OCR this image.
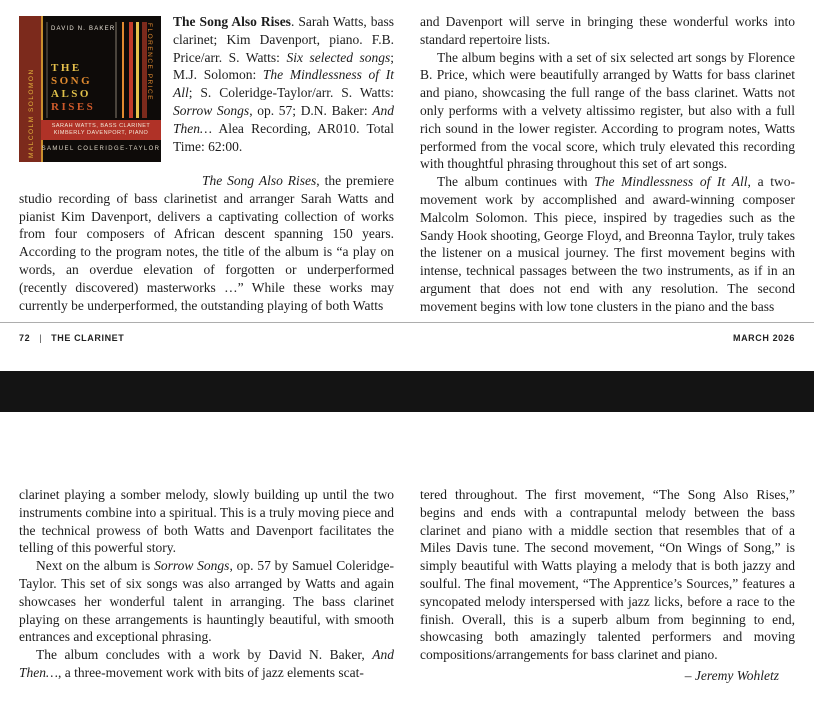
DAVID N. BAKER
MALCOLM SOLOMON
FLORENCE PRICE
THE
SONG
ALSO
RISES
SARAH WATTS, BASS CLARINET
KIMBERLY DAVENPORT, PIANO
SAMUEL COLERIDGE-TAYLOR

The Song Also Rises. Sarah Watts, bass clarinet; Kim Davenport, piano. F.B. Price/arr. S. Watts: Six selected songs; M.J. Solomon: The Mindlessness of It All; S. Coleridge-Taylor/arr. S. Watts: Sorrow Songs, op. 57; D.N. Baker: And Then… Alea Recording, AR010. Total Time: 62:00.

The Song Also Rises, the premiere studio recording of bass clarinetist and arranger Sarah Watts and pianist Kim Davenport, delivers a captivating collection of works from four composers of African descent spanning 150 years. According to the program notes, the title of the album is “a play on words, an overdue elevation of forgotten or underperformed (recently discovered) masterworks …” While these works may currently be underperformed, the outstanding playing of both Watts

and Davenport will serve in bringing these wonderful works into standard repertoire lists.

The album begins with a set of six selected art songs by Florence B. Price, which were beautifully arranged by Watts for bass clarinet and piano, showcasing the full range of the bass clarinet. Watts not only performs with a velvety altissimo register, but also with a full rich sound in the lower register. According to program notes, Watts performed from the vocal score, which truly elevated this recording with thoughtful phrasing throughout this set of art songs.

The album continues with The Mindlessness of It All, a two-movement work by accomplished and award-winning composer Malcolm Solomon. This piece, inspired by tragedies such as the Sandy Hook shooting, George Floyd, and Breonna Taylor, truly takes the listener on a musical journey. The first movement begins with intense, technical passages between the two instruments, as if in an argument that does not end with any resolution. The second movement begins with low tone clusters in the piano and the bass

72 | THE CLARINET	MARCH 2026

clarinet playing a somber melody, slowly building up until the two instruments combine into a spiritual. This is a truly moving piece and the technical prowess of both Watts and Davenport facilitates the telling of this powerful story.

Next on the album is Sorrow Songs, op. 57 by Samuel Coleridge-Taylor. This set of six songs was also arranged by Watts and again showcases her wonderful talent in arranging. The bass clarinet playing on these arrangements is hauntingly beautiful, with smooth entrances and exceptional phrasing.

The album concludes with a work by David N. Baker, And Then…, a three-movement work with bits of jazz elements scat-

tered throughout. The first movement, “The Song Also Rises,” begins and ends with a contrapuntal melody between the bass clarinet and piano with a middle section that resembles that of a Miles Davis tune. The second movement, “On Wings of Song,” is simply beautiful with Watts playing a melody that is both jazzy and soulful. The final movement, “The Apprentice’s Sources,” features a syncopated melody interspersed with jazz licks, before a race to the finish. Overall, this is a superb album from beginning to end, showcasing both amazingly talented performers and moving compositions/arrangements for bass clarinet and piano.

– Jeremy Wohletz
